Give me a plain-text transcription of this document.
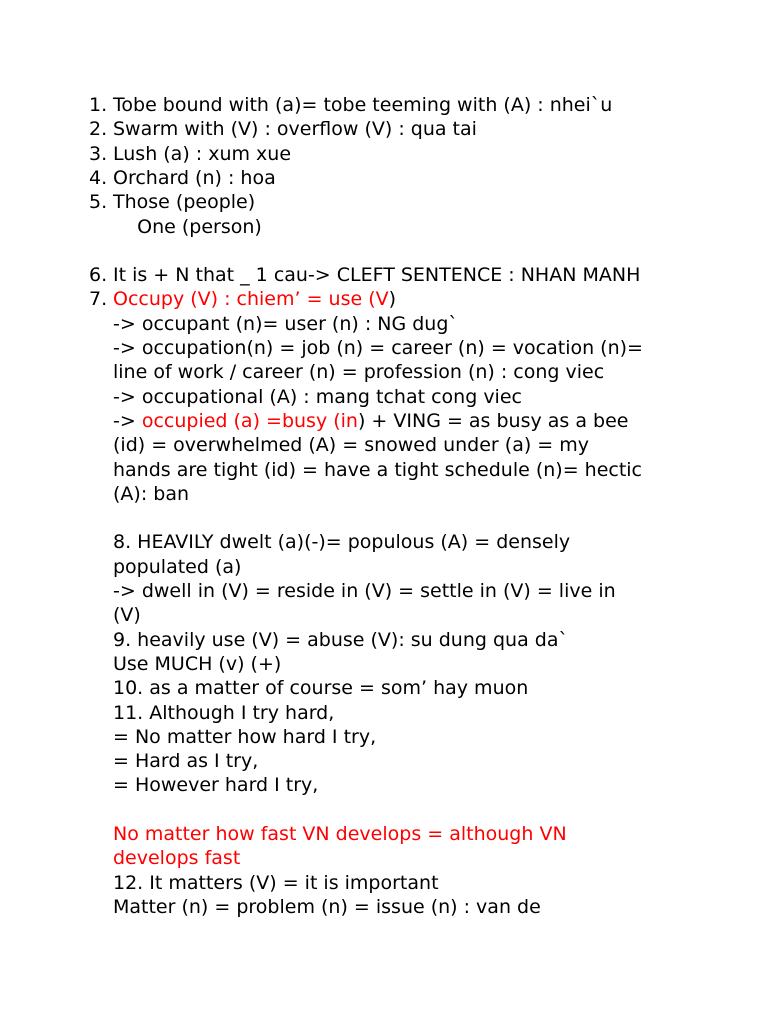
1. Tobe bound with (a)= tobe teeming with (A) : nhei`u
2. Swarm with (V) : overflow (V) : qua tai
3. Lush (a) : xum xue
4. Orchard (n) : hoa
5. Those (people)
One (person)
6. It is + N that _ 1 cau-> CLEFT SENTENCE : NHAN MANH
7. Occupy (V) : chiem’ = use (V)
-> occupant (n)= user (n) : NG dug`
-> occupation(n) = job (n) = career (n) = vocation (n)=
line of work / career (n) = profession (n) : cong viec
-> occupational (A) : mang tchat cong viec
-> occupied (a) =busy (in) + VING = as busy as a bee
(id) = overwhelmed (A) = snowed under (a) = my
hands are tight (id) = have a tight schedule (n)= hectic
(A): ban
8. HEAVILY dwelt (a)(-)= populous (A) = densely
populated (a)
-> dwell in (V) = reside in (V) = settle in (V) = live in
(V)
9. heavily use (V) = abuse (V): su dung qua da`
Use MUCH (v) (+)
10. as a matter of course = som’ hay muon
11. Although I try hard,
= No matter how hard I try,
= Hard as I try,
= However hard I try,
No matter how fast VN develops = although VN
develops fast
12. It matters (V) = it is important
Matter (n) = problem (n) = issue (n) : van de
